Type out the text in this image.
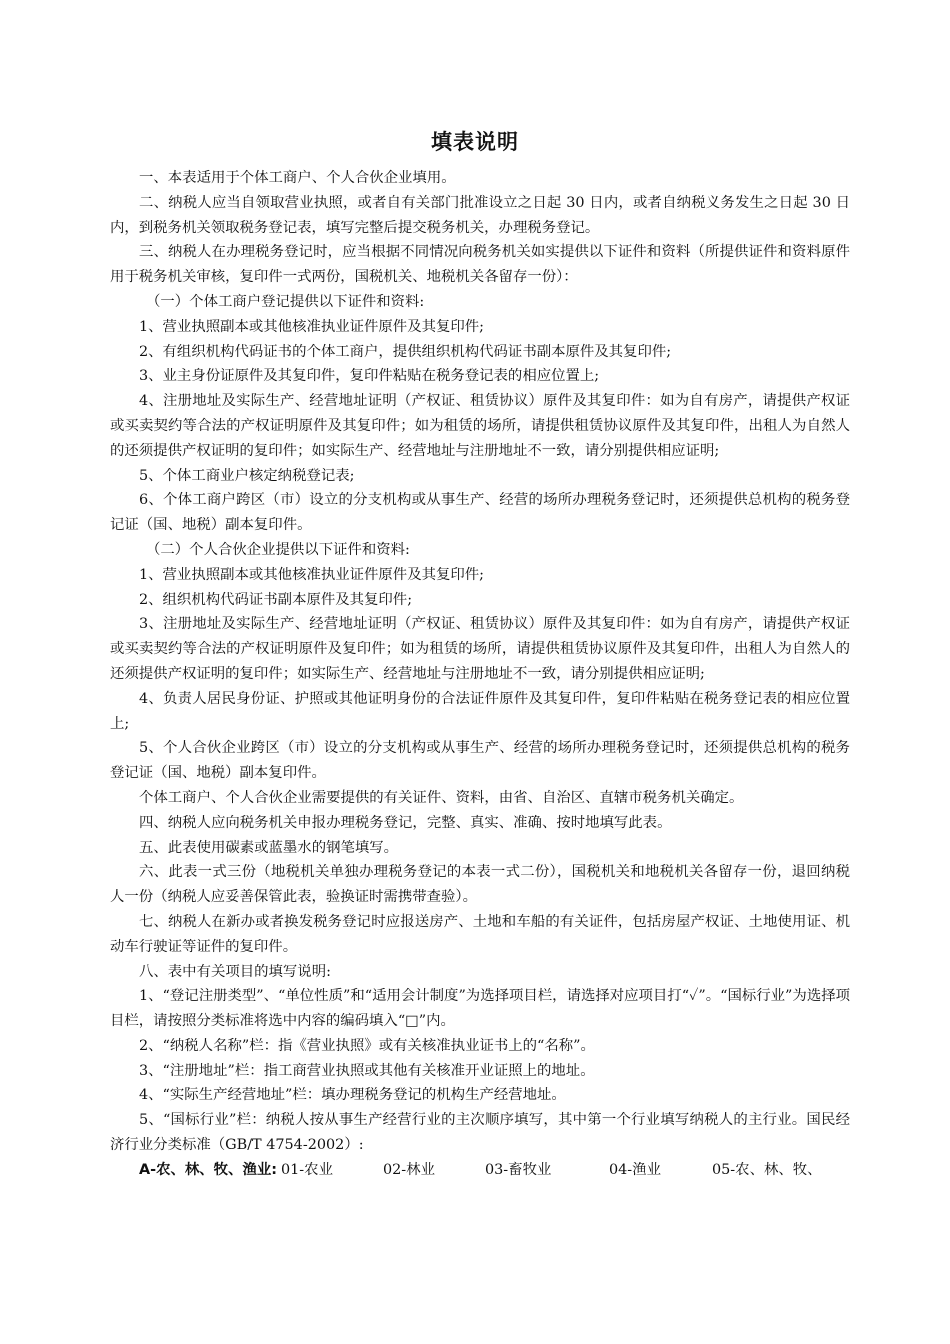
填表说明

一、本表适用于个体工商户、个人合伙企业填用。

二、纳税人应当自领取营业执照，或者自有关部门批准设立之日起 30 日内，或者自纳税义务发生之日起 30 日内，到税务机关领取税务登记表，填写完整后提交税务机关，办理税务登记。

三、纳税人在办理税务登记时，应当根据不同情况向税务机关如实提供以下证件和资料（所提供证件和资料原件用于税务机关审核，复印件一式两份，国税机关、地税机关各留存一份）：

（一）个体工商户登记提供以下证件和资料:

1、营业执照副本或其他核准执业证件原件及其复印件;

2、有组织机构代码证书的个体工商户，提供组织机构代码证书副本原件及其复印件;

3、业主身份证原件及其复印件，复印件粘贴在税务登记表的相应位置上;

4、注册地址及实际生产、经营地址证明（产权证、租赁协议）原件及其复印件：如为自有房产，请提供产权证或买卖契约等合法的产权证明原件及其复印件；如为租赁的场所，请提供租赁协议原件及其复印件，出租人为自然人的还须提供产权证明的复印件；如实际生产、经营地址与注册地址不一致，请分别提供相应证明;

5、个体工商业户核定纳税登记表;

6、个体工商户跨区（市）设立的分支机构或从事生产、经营的场所办理税务登记时，还须提供总机构的税务登记证（国、地税）副本复印件。

（二）个人合伙企业提供以下证件和资料:

1、营业执照副本或其他核准执业证件原件及其复印件;

2、组织机构代码证书副本原件及其复印件;

3、注册地址及实际生产、经营地址证明（产权证、租赁协议）原件及其复印件：如为自有房产，请提供产权证或买卖契约等合法的产权证明原件及复印件；如为租赁的场所，请提供租赁协议原件及其复印件，出租人为自然人的还须提供产权证明的复印件；如实际生产、经营地址与注册地址不一致，请分别提供相应证明;

4、负责人居民身份证、护照或其他证明身份的合法证件原件及其复印件，复印件粘贴在税务登记表的相应位置上;

5、个人合伙企业跨区（市）设立的分支机构或从事生产、经营的场所办理税务登记时，还须提供总机构的税务登记证（国、地税）副本复印件。

个体工商户、个人合伙企业需要提供的有关证件、资料，由省、自治区、直辖市税务机关确定。

四、纳税人应向税务机关申报办理税务登记，完整、真实、准确、按时地填写此表。

五、此表使用碳素或蓝墨水的钢笔填写。

六、此表一式三份（地税机关单独办理税务登记的本表一式二份），国税机关和地税机关各留存一份，退回纳税人一份（纳税人应妥善保管此表，验换证时需携带查验）。

七、纳税人在新办或者换发税务登记时应报送房产、土地和车船的有关证件，包括房屋产权证、土地使用证、机动车行驶证等证件的复印件。

八、表中有关项目的填写说明:

1、“登记注册类型”、“单位性质”和“适用会计制度”为选择项目栏，请选择对应项目打“✓”。“国标行业”为选择项目栏，请按照分类标准将选中内容的编码填入“□”内。

2、“纳税人名称”栏：指《营业执照》或有关核准执业证书上的“名称”。

3、“注册地址”栏：指工商营业执照或其他有关核准开业证照上的地址。

4、“实际生产经营地址”栏：填办理税务登记的机构生产经营地址。

5、“国标行业”栏：纳税人按从事生产经营行业的主次顺序填写，其中第一个行业填写纳税人的主行业。国民经济行业分类标准（GB/T 4754-2002）:

A-农、林、牧、渔业: 01-农业	02-林业	03-畜牧业	04-渔业	05-农、林、牧、
